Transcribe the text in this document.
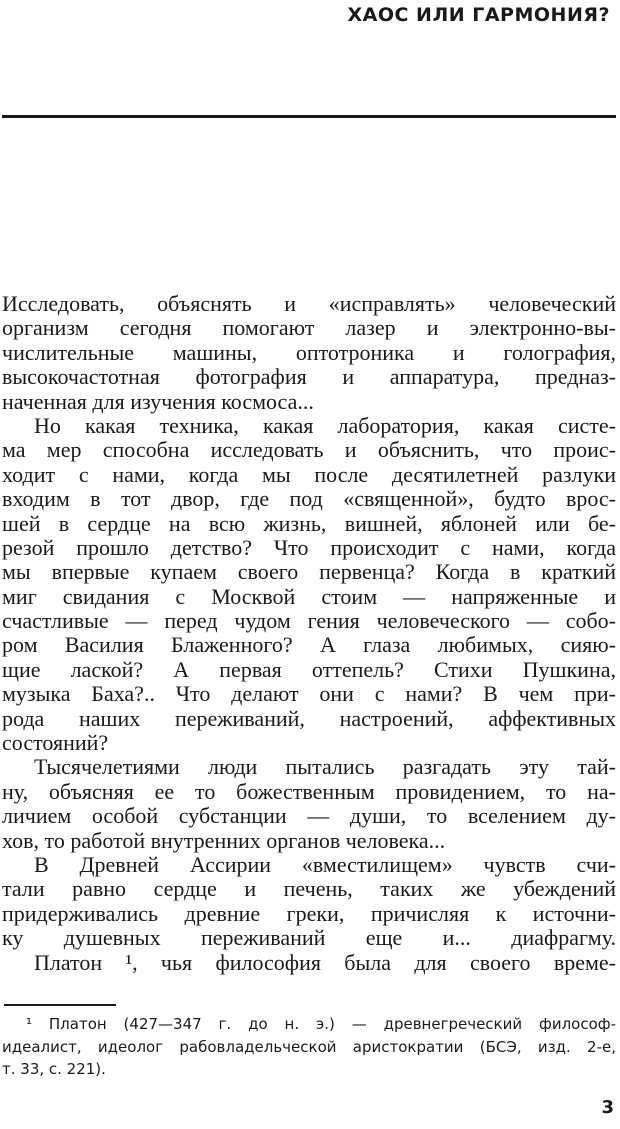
ХАОС ИЛИ ГАРМОНИЯ?
Исследовать, объяснять и «исправлять» человеческий
организм сегодня помогают лазер и электронно-вы-
числительные машины, оптотроника и голография,
высокочастотная фотография и аппаратура, предназ-
наченная для изучения космоса...
Но какая техника, какая лаборатория, какая систе-
ма мер способна исследовать и объяснить, что проис-
ходит с нами, когда мы после десятилетней разлуки
входим в тот двор, где под «священной», будто врос-
шей в сердце на всю жизнь, вишней, яблоней или бе-
резой прошло детство? Что происходит с нами, когда
мы впервые купаем своего первенца? Когда в краткий
миг свидания с Москвой стоим — напряженные и
счастливые — перед чудом гения человеческого — собо-
ром Василия Блаженного? А глаза любимых, сияю-
щие лаской? А первая оттепель? Стихи Пушкина,
музыка Баха?.. Что делают они с нами? В чем при-
рода наших переживаний, настроений, аффективных
состояний?
Тысячелетиями люди пытались разгадать эту тай-
ну, объясняя ее то божественным провидением, то на-
личием особой субстанции — души, то вселением ду-
хов, то работой внутренних органов человека...
В Древней Ассирии «вместилищем» чувств счи-
тали равно сердце и печень, таких же убеждений
придерживались древние греки, причисляя к источни-
ку душевных переживаний еще и... диафрагму.
Платон ¹, чья философия была для своего време-
¹ Платон (427—347 г. до н. э.) — древнегреческий философ-
идеалист, идеолог рабовладельческой аристократии (БСЭ, изд. 2-е,
т. 33, с. 221).
3
